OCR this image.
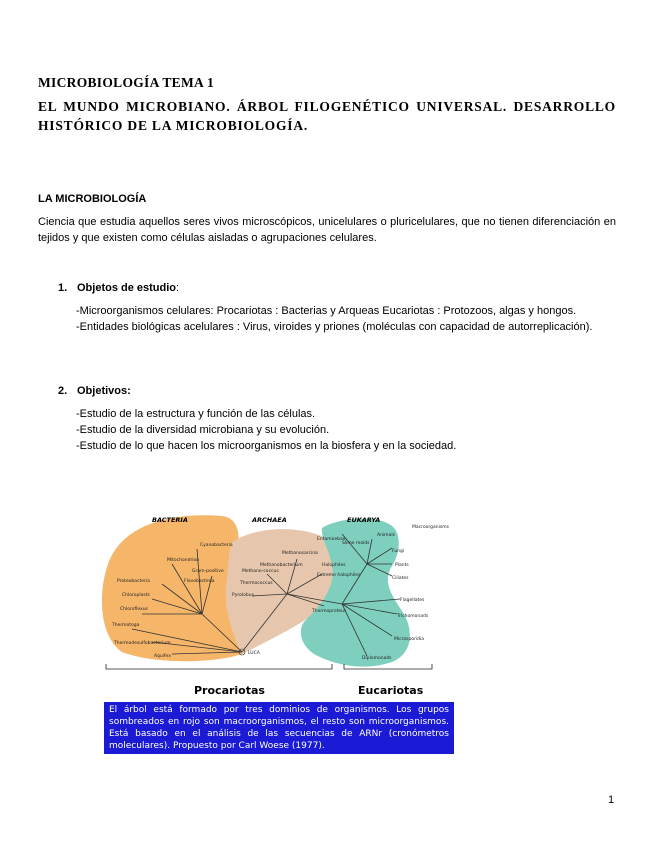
MICROBIOLOGÍA TEMA 1
EL MUNDO MICROBIANO. ÁRBOL FILOGENÉTICO UNIVERSAL. DESARROLLO HISTÓRICO DE LA MICROBIOLOGÍA.
LA MICROBIOLOGÍA
Ciencia que estudia aquellos seres vivos microscópicos, unicelulares o pluricelulares, que no tienen diferenciación en tejidos y que existen como células aisladas o agrupaciones celulares.
1. Objetos de estudio:
-Microorganismos celulares: Procariotas : Bacterias y Arqueas Eucariotas : Protozoos, algas y hongos.
-Entidades biológicas acelulares : Virus, viroides y priones (moléculas con capacidad de autorreplicación).
2. Objetivos:
-Estudio de la estructura y función de las células.
-Estudio de la diversidad microbiana y su evolución.
-Estudio de lo que hacen los microorganismos en la biosfera y en la sociedad.
BACTERIA	ARCHAEA	EUKARYA
Cyanobacteria
Mitochondrion
Proteobacteria
Chloroplasts
Flavobacteria
Gram-positive
Chloroflexus
Thermotoga
Thermodesulfobacterium
Aquifex
Methanosarcina
Methanobacterium	Halophiles
Methano-coccus
Thermococcus
Pyrolobus
Thermoproteus
Extreme halophiles
Macroorganisms
Entamoebae
Slime molds
Animals
Fungi
Plants
Ciliates
Flagellates
Trichomonads
Microsporidia
Diplomonads
LUCA
Procariotas	Eucariotas
El árbol está formado por tres dominios de organismos. Los grupos sombreados en rojo son macroorganismos, el resto son microorganismos. Está basado en el análisis de las secuencias de ARNr (cronómetros moleculares). Propuesto por Carl Woese (1977).
1
